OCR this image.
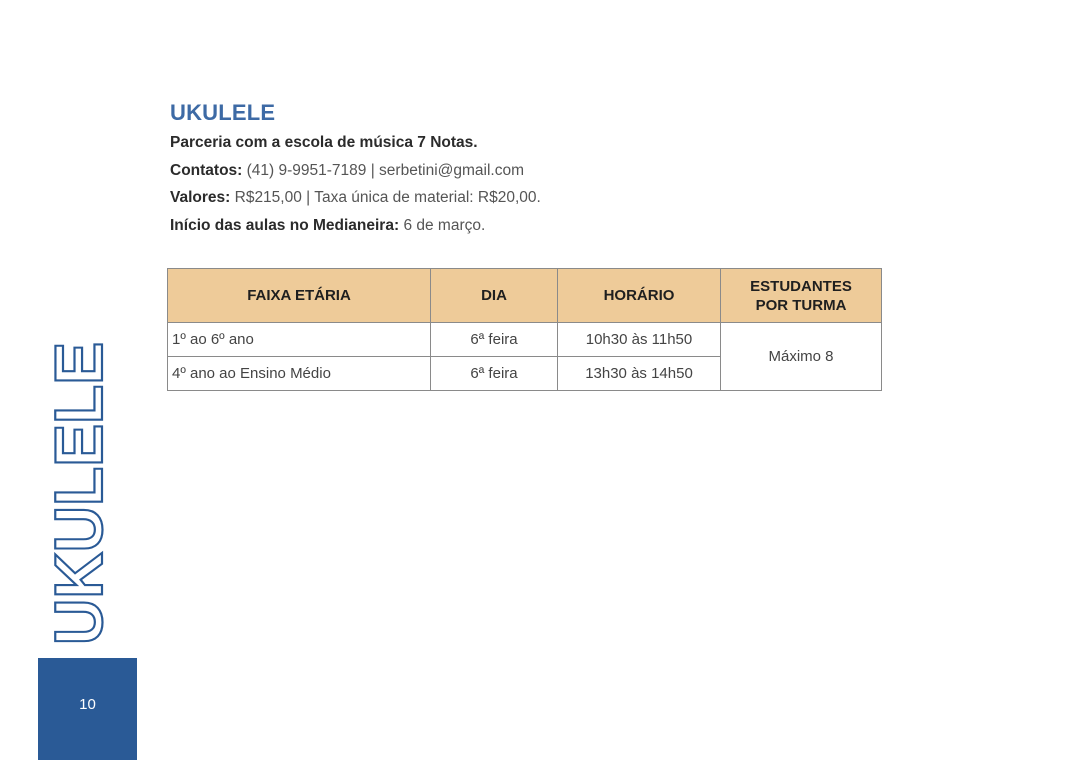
UKULELE
10
UKULELE

Parceria com a escola de música 7 Notas.

Contatos: (41) 9-9951-7189 | serbetini@gmail.com

Valores: R$215,00 | Taxa única de material: R$20,00.

Início das aulas no Medianeira: 6 de março.

FAIXA ETÁRIA	DIA	HORÁRIO	ESTUDANTES
POR TURMA
1º ao 6º ano	6ª feira	10h30 às 11h50	Máximo 8
4º ano ao Ensino Médio	6ª feira	13h30 às 14h50	
